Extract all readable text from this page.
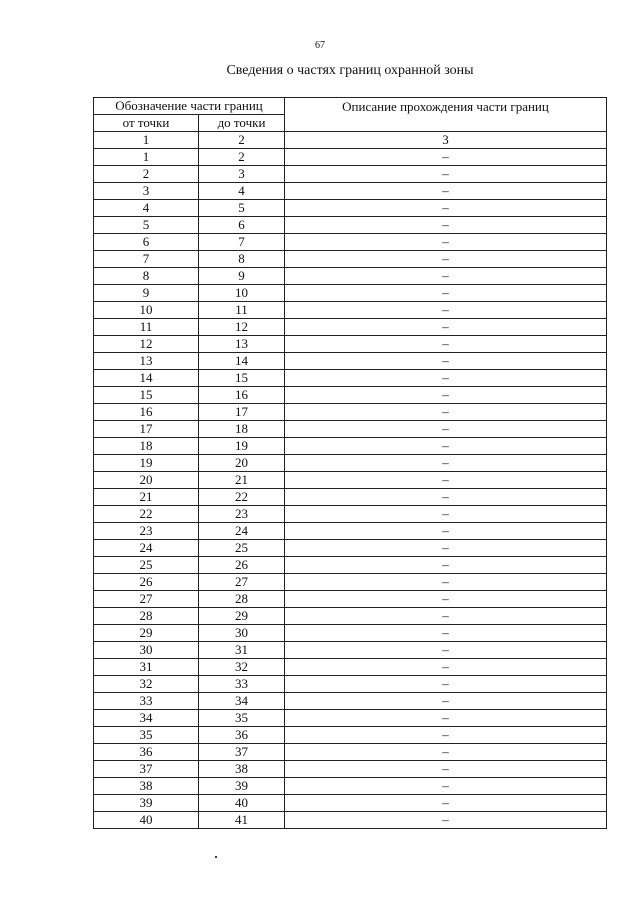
67
Сведения о частях границ охранной зоны
Обозначение части границ		Описание прохождения части границ
от точки	до точки	
1	2	3
1	2	–
2	3	–
3	4	–
4	5	–
5	6	–
6	7	–
7	8	–
8	9	–
9	10	–
10	11	–
11	12	–
12	13	–
13	14	–
14	15	–
15	16	–
16	17	–
17	18	–
18	19	–
19	20	–
20	21	–
21	22	–
22	23	–
23	24	–
24	25	–
25	26	–
26	27	–
27	28	–
28	29	–
29	30	–
30	31	–
31	32	–
32	33	–
33	34	–
34	35	–
35	36	–
36	37	–
37	38	–
38	39	–
39	40	–
40	41	–
